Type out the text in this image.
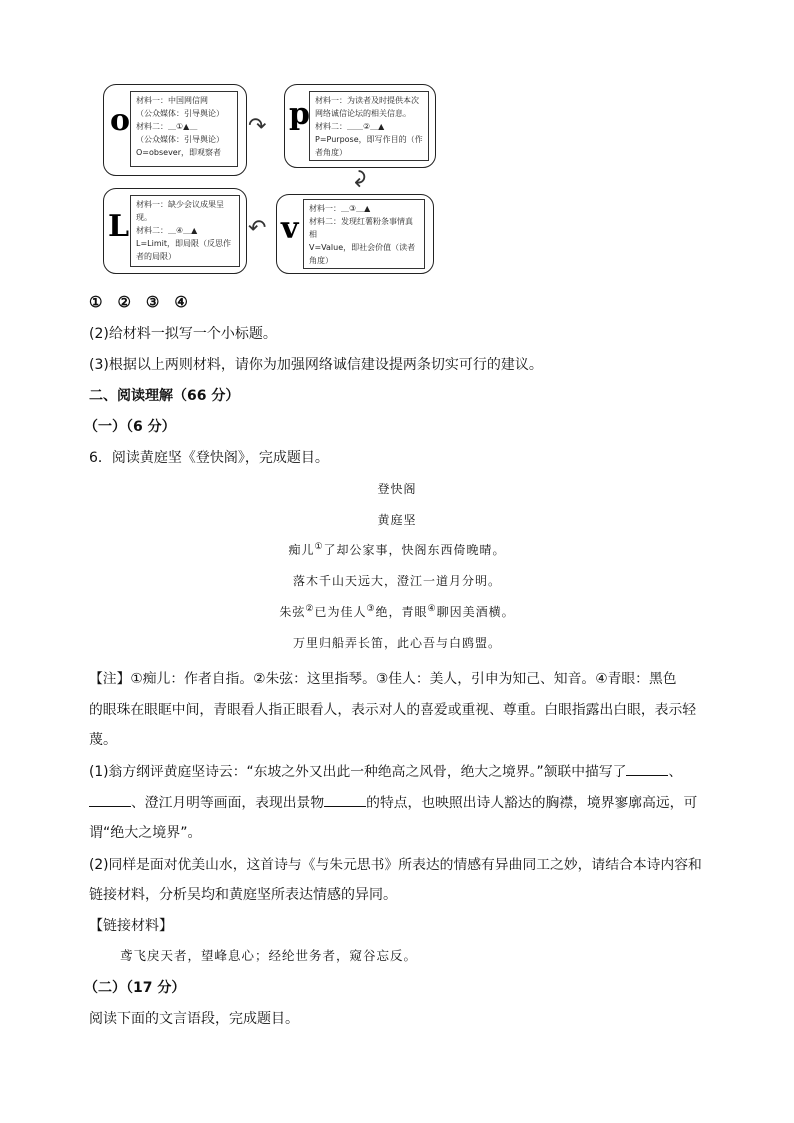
o
材料一：中国网信网
（公众媒体：引导舆论）
材料二：＿①▲＿
（公众媒体：引导舆论）
O=obsever，即观察者
↷ p 材料一：为读者及时提供本次
网络诚信论坛的相关信息。
材料二：＿＿②＿▲
P=Purpose，即写作目的（作
者角度）
↷
L
材料一：缺少会议成果呈
现。
材料二：＿④＿▲
L=Limit，即局限（反思作
者的局限）
↶ v
材料一：＿③＿▲
材料二：发现红薯粉条事情真
相
V=Value，即社会价值（读者
角度）
①　②　③　④
(2)给材料一拟写一个小标题。
(3)根据以上两则材料，请你为加强网络诚信建设提两条切实可行的建议。
二、阅读理解（66 分）
（一）（6 分）
6．阅读黄庭坚《登快阁》，完成题目。
登快阁
黄庭坚
痴儿①了却公家事，快阁东西倚晚晴。
落木千山天远大，澄江一道月分明。
朱弦②已为佳人③绝，青眼④聊因美酒横。
万里归船弄长笛，此心吾与白鸥盟。
【注】①痴儿：作者自指。②朱弦：这里指琴。③佳人：美人，引申为知己、知音。④青眼：黑色
的眼珠在眼眶中间，青眼看人指正眼看人，表示对人的喜爱或重视、尊重。白眼指露出白眼，表示轻
蔑。
(1)翁方纲评黄庭坚诗云：“东坡之外又出此一种绝高之风骨，绝大之境界。”颔联中描写了	、
、澄江月明等画面，表现出景物	的特点，也映照出诗人豁达的胸襟，境界寥廓高远，可
谓“绝大之境界”。
(2)同样是面对优美山水，这首诗与《与朱元思书》所表达的情感有异曲同工之妙，请结合本诗内容和
链接材料，分析吴均和黄庭坚所表达情感的异同。
【链接材料】
鸢飞戾天者，望峰息心；经纶世务者，窥谷忘反。
（二）（17 分）
阅读下面的文言语段，完成题目。
